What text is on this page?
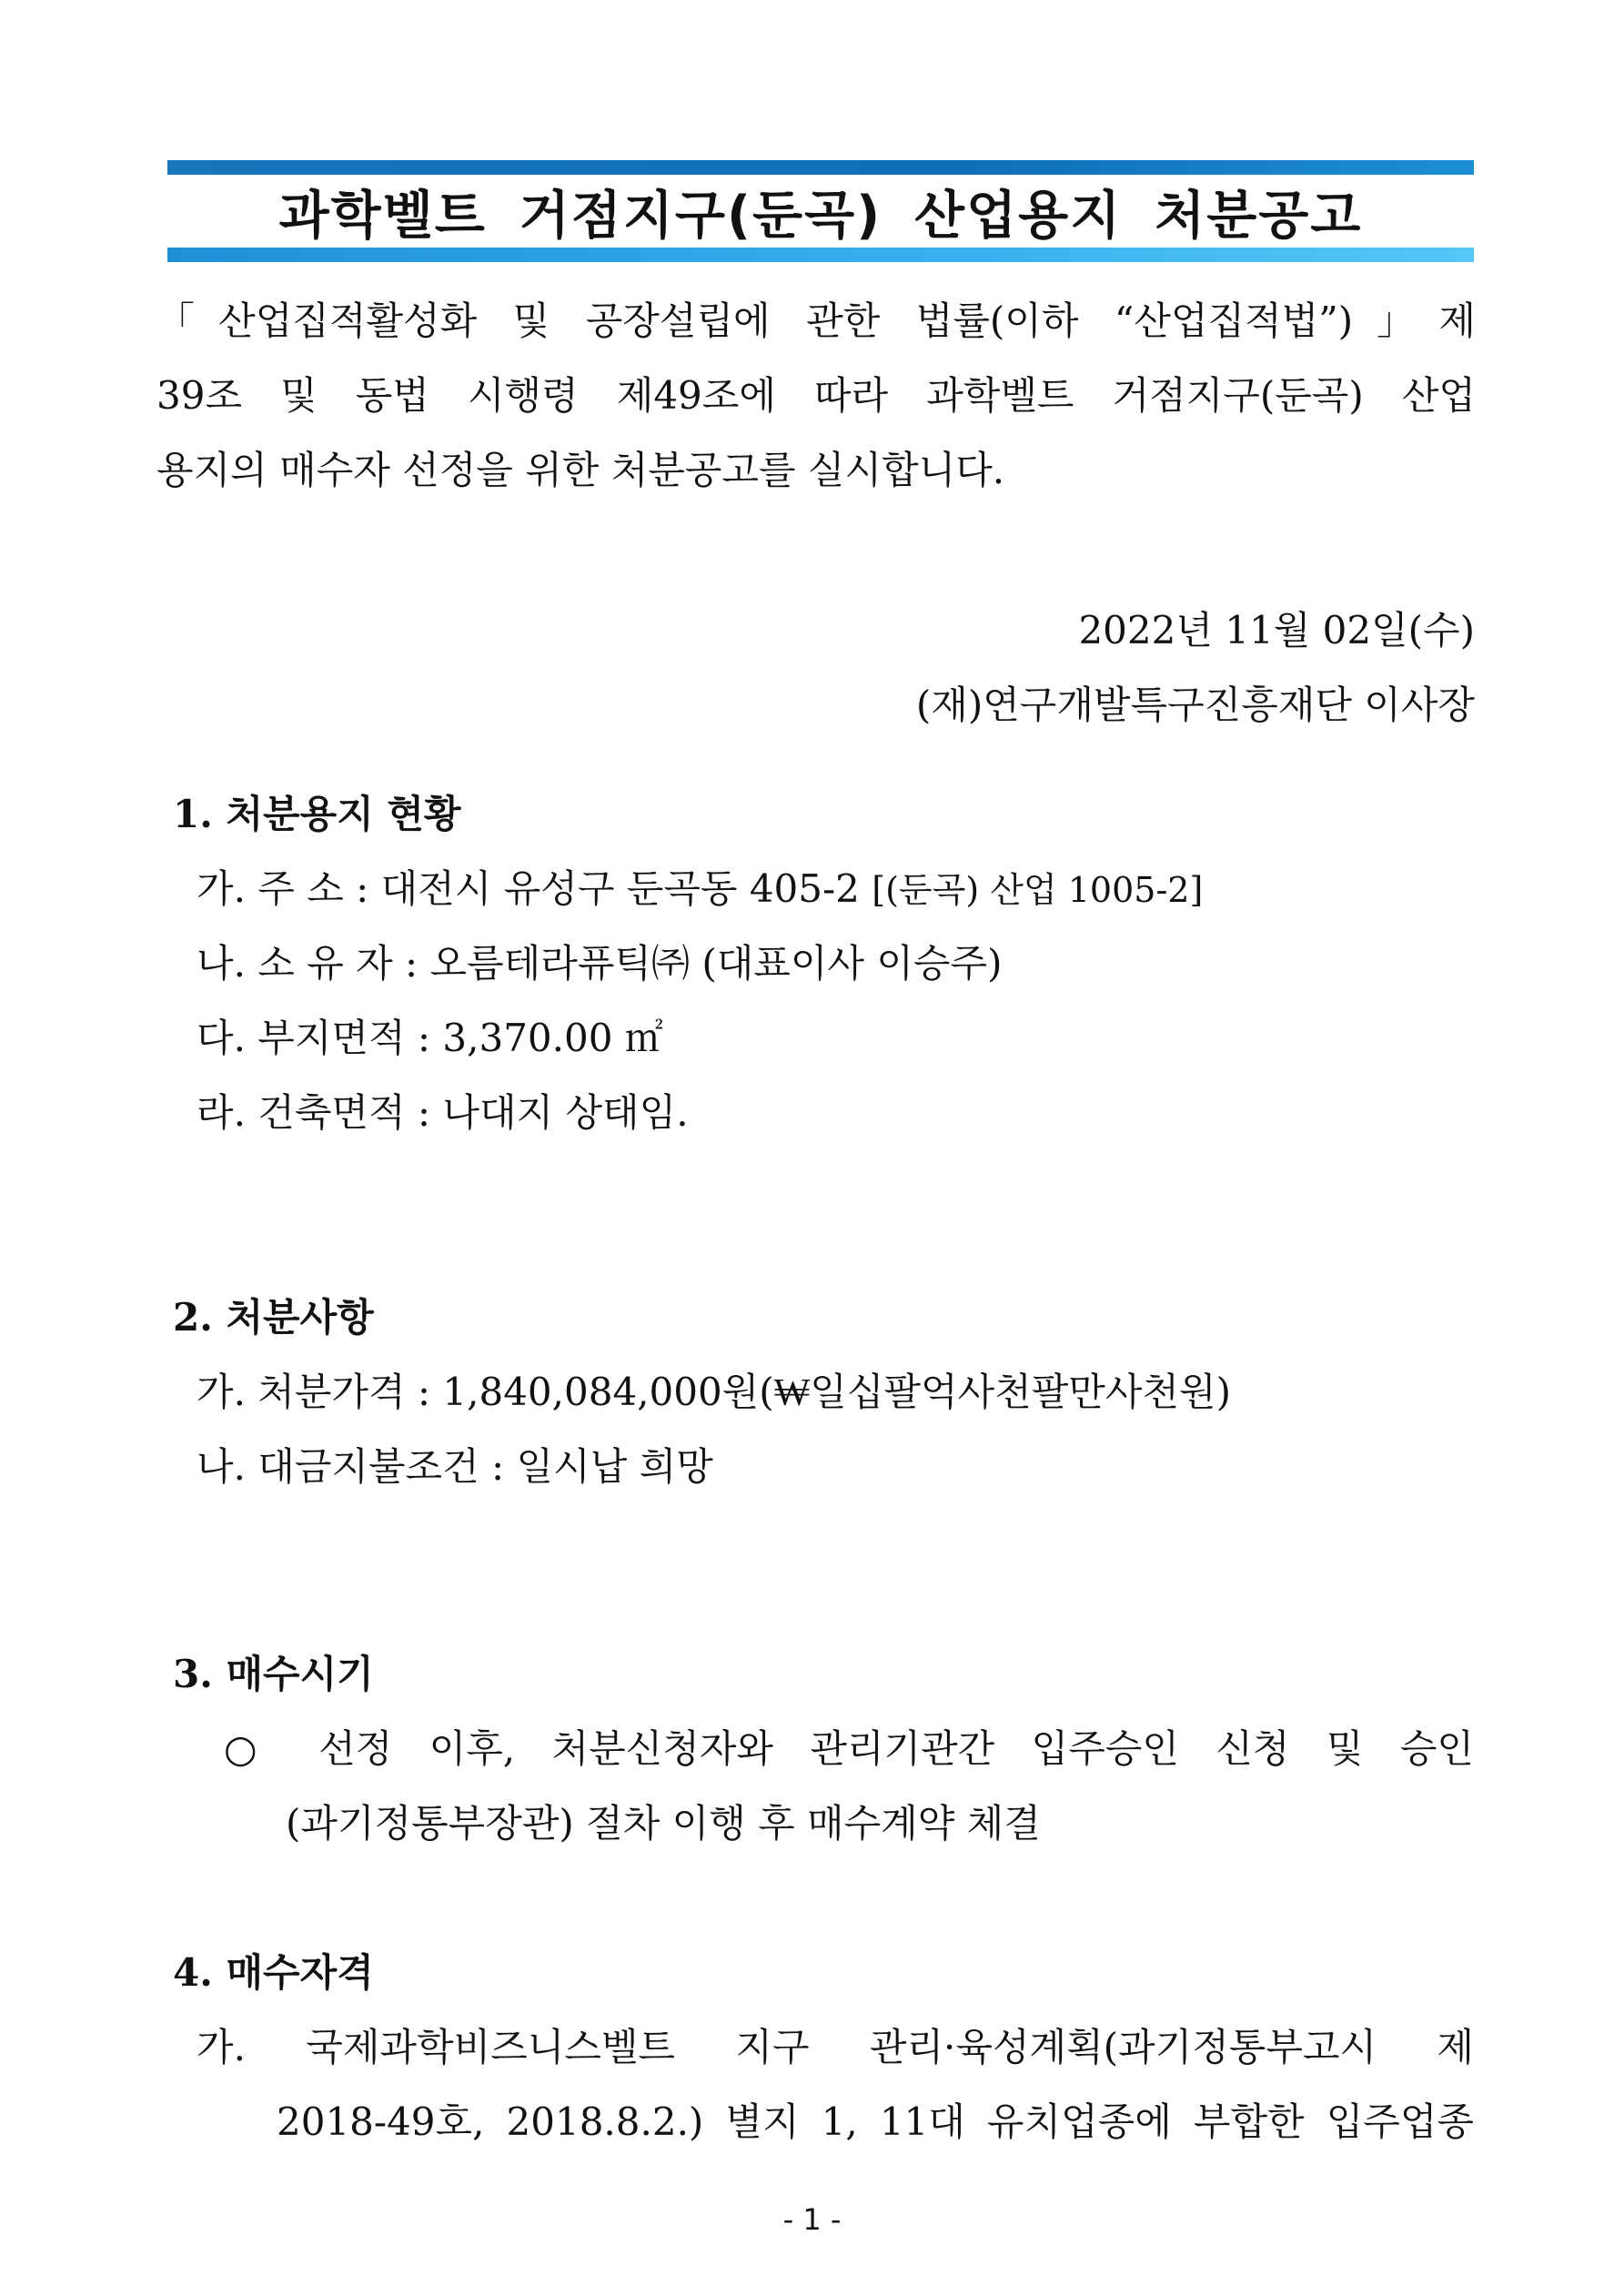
과학벨트 거점지구(둔곡) 산업용지 처분공고
「산업집적활성화 및 공장설립에 관한 법률(이하 “산업집적법”)」제
39조 및 동법 시행령 제49조에 따라 과학벨트 거점지구(둔곡) 산업
용지의 매수자 선정을 위한 처분공고를 실시합니다.
2022년 11월 02일(수)
(재)연구개발특구진흥재단 이사장
1. 처분용지 현황
가. 주 소 : 대전시 유성구 둔곡동 405-2 [(둔곡) 산업 1005-2]
나. 소 유 자 : 오름테라퓨틱㈜ (대표이사 이승주)
다. 부지면적 : 3,370.00 ㎡
라. 건축면적 : 나대지 상태임.
2. 처분사항
가. 처분가격 : 1,840,084,000원(₩일십팔억사천팔만사천원)
나. 대금지불조건 : 일시납 희망
3. 매수시기
○ 선정 이후, 처분신청자와 관리기관간 입주승인 신청 및 승인
(과기정통부장관) 절차 이행 후 매수계약 체결
4. 매수자격
가. 국제과학비즈니스벨트 지구 관리·육성계획(과기정통부고시 제
2018-49호, 2018.8.2.) 별지 1, 11대 유치업종에 부합한 입주업종
- 1 -
